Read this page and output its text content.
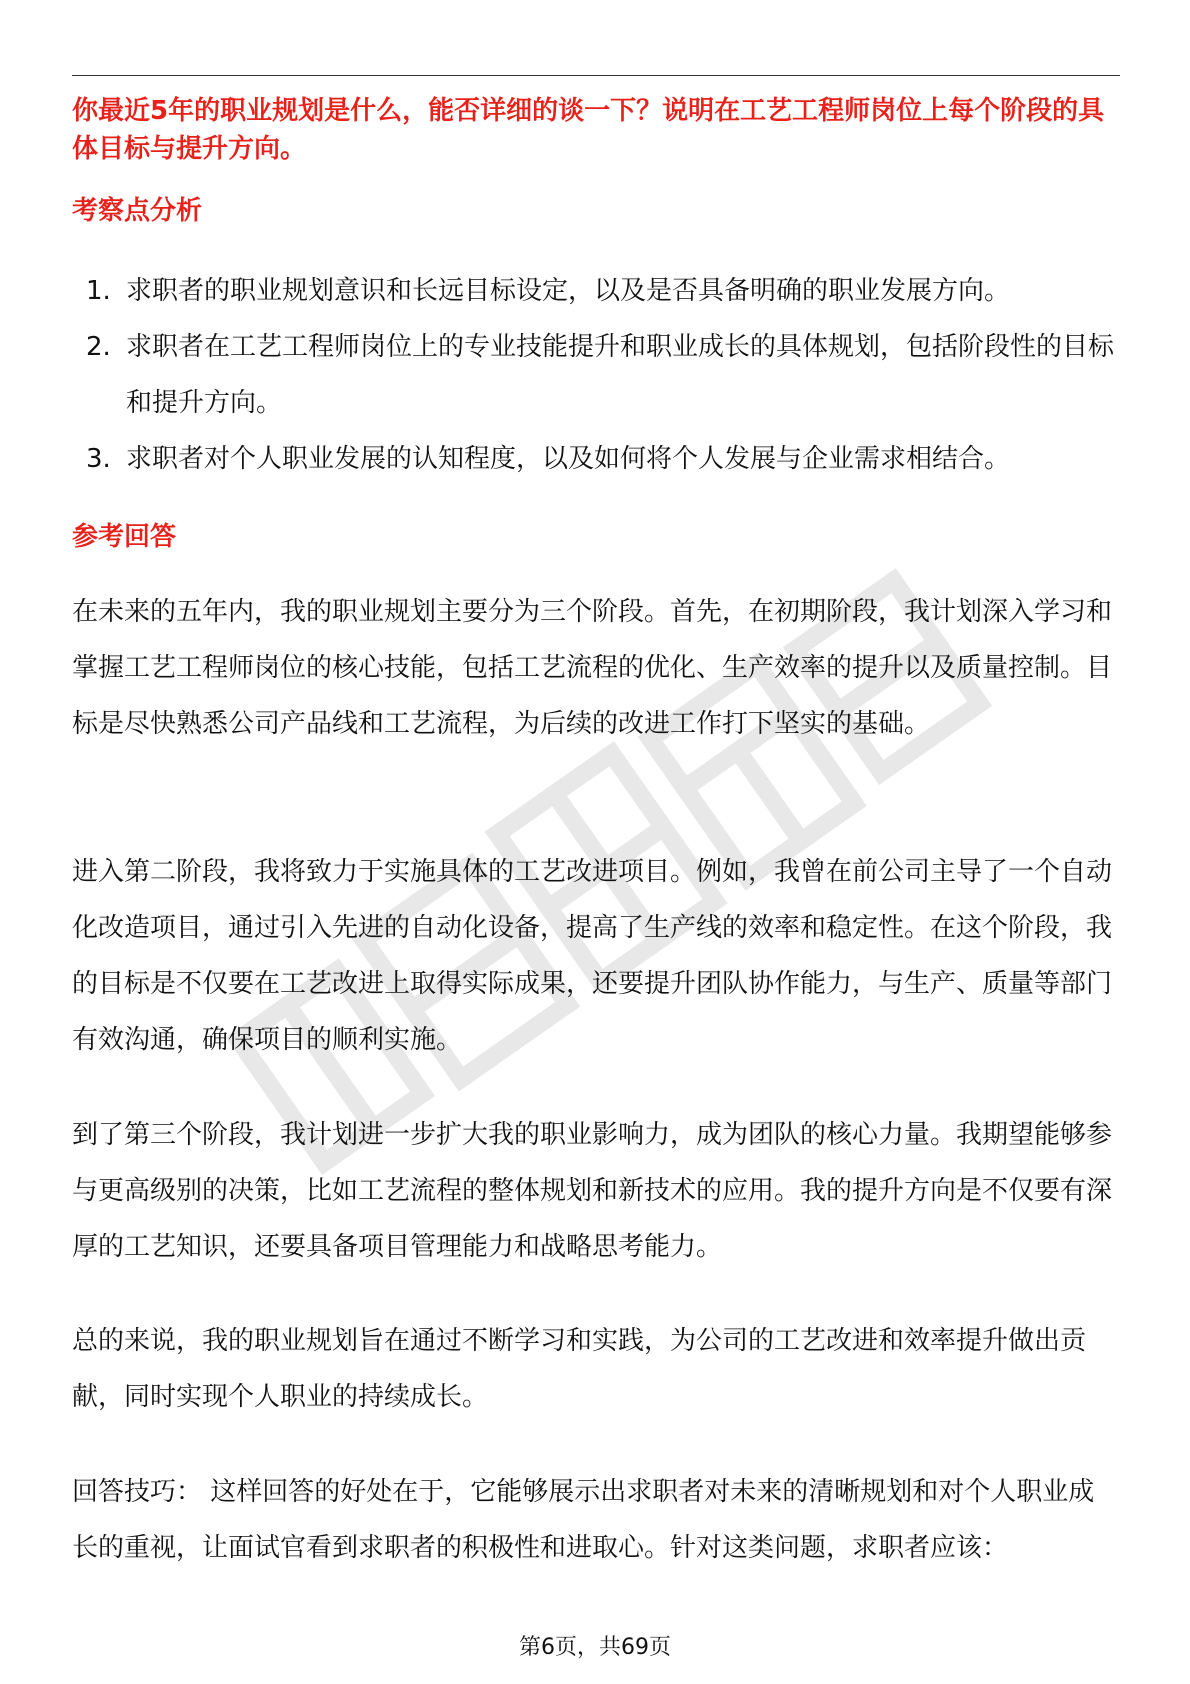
你最近5年的职业规划是什么，能否详细的谈一下？说明在工艺工程师岗位上每个阶段的具体目标与提升方向。

考察点分析
1. 求职者的职业规划意识和长远目标设定，以及是否具备明确的职业发展方向。
2. 求职者在工艺工程师岗位上的专业技能提升和职业成长的具体规划，包括阶段性的目标和提升方向。
3. 求职者对个人职业发展的认知程度，以及如何将个人发展与企业需求相结合。
参考回答

在未来的五年内，我的职业规划主要分为三个阶段。首先，在初期阶段，我计划深入学习和掌握工艺工程师岗位的核心技能，包括工艺流程的优化、生产效率的提升以及质量控制。目标是尽快熟悉公司产品线和工艺流程，为后续的改进工作打下坚实的基础。

进入第二阶段，我将致力于实施具体的工艺改进项目。例如，我曾在前公司主导了一个自动化改造项目，通过引入先进的自动化设备，提高了生产线的效率和稳定性。在这个阶段，我的目标是不仅要在工艺改进上取得实际成果，还要提升团队协作能力，与生产、质量等部门有效沟通，确保项目的顺利实施。

到了第三个阶段，我计划进一步扩大我的职业影响力，成为团队的核心力量。我期望能够参与更高级别的决策，比如工艺流程的整体规划和新技术的应用。我的提升方向是不仅要有深厚的工艺知识，还要具备项目管理能力和战略思考能力。

总的来说，我的职业规划旨在通过不断学习和实践，为公司的工艺改进和效率提升做出贡献，同时实现个人职业的持续成长。

回答技巧： 这样回答的好处在于，它能够展示出求职者对未来的清晰规划和对个人职业成长的重视，让面试官看到求职者的积极性和进取心。针对这类问题，求职者应该：

第6页，共69页
